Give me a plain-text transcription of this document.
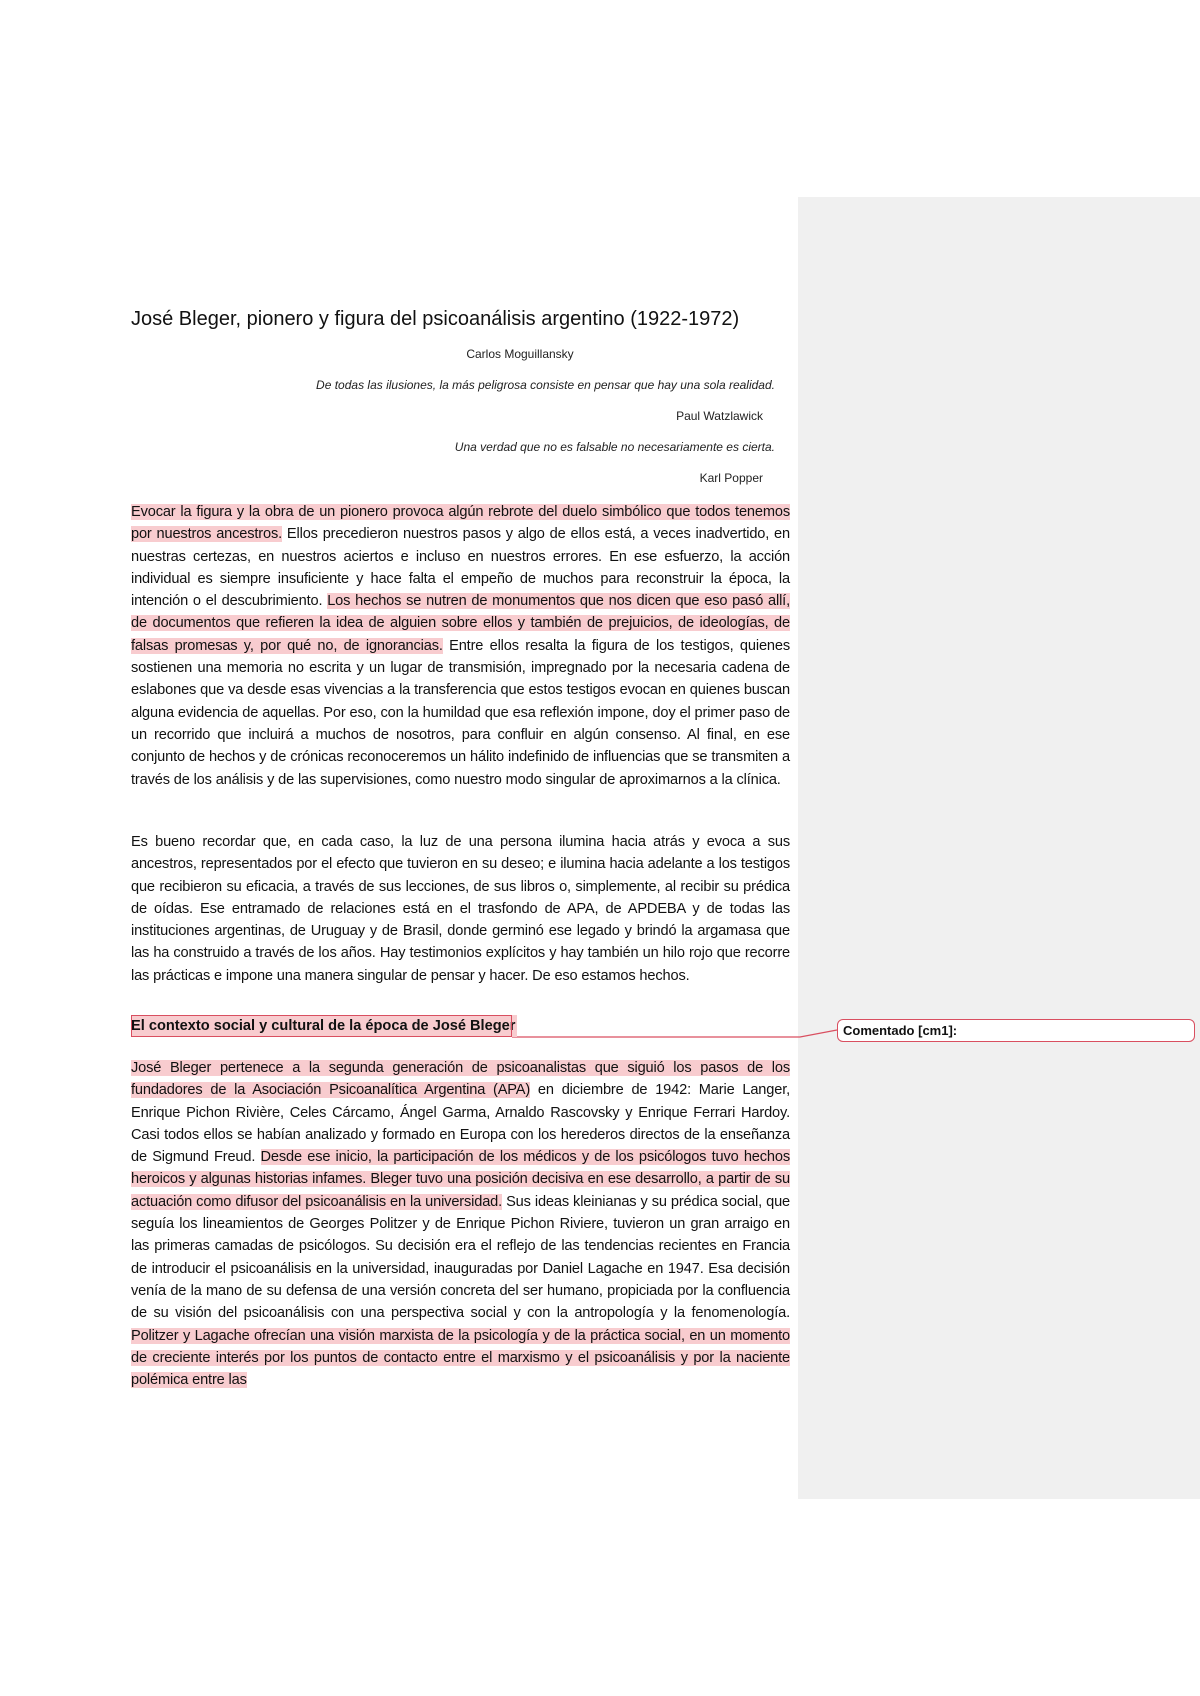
Comentado [cm1]:
José Bleger, pionero y figura del psicoanálisis argentino (1922-1972)
Carlos Moguillansky
De todas las ilusiones, la más peligrosa consiste en pensar que hay una sola realidad.
Paul Watzlawick
Una verdad que no es falsable no necesariamente es cierta.
Karl Popper

Evocar la figura y la obra de un pionero provoca algún rebrote del duelo simbólico que todos tenemos por nuestros ancestros. Ellos precedieron nuestros pasos y algo de ellos está, a veces inadvertido, en nuestras certezas, en nuestros aciertos e incluso en nuestros errores. En ese esfuerzo, la acción individual es siempre insuficiente y hace falta el empeño de muchos para reconstruir la época, la intención o el descubrimiento. Los hechos se nutren de monumentos que nos dicen que eso pasó allí, de documentos que refieren la idea de alguien sobre ellos y también de prejuicios, de ideologías, de falsas promesas y, por qué no, de ignorancias. Entre ellos resalta la figura de los testigos, quienes sostienen una memoria no escrita y un lugar de transmisión, impregnado por la necesaria cadena de eslabones que va desde esas vivencias a la transferencia que estos testigos evocan en quienes buscan alguna evidencia de aquellas. Por eso, con la humildad que esa reflexión impone, doy el primer paso de un recorrido que incluirá a muchos de nosotros, para confluir en algún consenso. Al final, en ese conjunto de hechos y de crónicas reconoceremos un hálito indefinido de influencias que se transmiten a través de los análisis y de las supervisiones, como nuestro modo singular de aproximarnos a la clínica.

Es bueno recordar que, en cada caso, la luz de una persona ilumina hacia atrás y evoca a sus ancestros, representados por el efecto que tuvieron en su deseo; e ilumina hacia adelante a los testigos que recibieron su eficacia, a través de sus lecciones, de sus libros o, simplemente, al recibir su prédica de oídas. Ese entramado de relaciones está en el trasfondo de APA, de APDEBA y de todas las instituciones argentinas, de Uruguay y de Brasil, donde germinó ese legado y brindó la argamasa que las ha construido a través de los años. Hay testimonios explícitos y hay también un hilo rojo que recorre las prácticas e impone una manera singular de pensar y hacer. De eso estamos hechos.

El contexto social y cultural de la época de José Bleger

José Bleger pertenece a la segunda generación de psicoanalistas que siguió los pasos de los fundadores de la Asociación Psicoanalítica Argentina (APA) en diciembre de 1942: Marie Langer, Enrique Pichon Rivière, Celes Cárcamo, Ángel Garma, Arnaldo Rascovsky y Enrique Ferrari Hardoy. Casi todos ellos se habían analizado y formado en Europa con los herederos directos de la enseñanza de Sigmund Freud. Desde ese inicio, la participación de los médicos y de los psicólogos tuvo hechos heroicos y algunas historias infames. Bleger tuvo una posición decisiva en ese desarrollo, a partir de su actuación como difusor del psicoanálisis en la universidad. Sus ideas kleinianas y su prédica social, que seguía los lineamientos de Georges Politzer y de Enrique Pichon Riviere, tuvieron un gran arraigo en las primeras camadas de psicólogos. Su decisión era el reflejo de las tendencias recientes en Francia de introducir el psicoanálisis en la universidad, inauguradas por Daniel Lagache en 1947. Esa decisión venía de la mano de su defensa de una versión concreta del ser humano, propiciada por la confluencia de su visión del psicoanálisis con una perspectiva social y con la antropología y la fenomenología. Politzer y Lagache ofrecían una visión marxista de la psicología y de la práctica social, en un momento de creciente interés por los puntos de contacto entre el marxismo y el psicoanálisis y por la naciente polémica entre las
